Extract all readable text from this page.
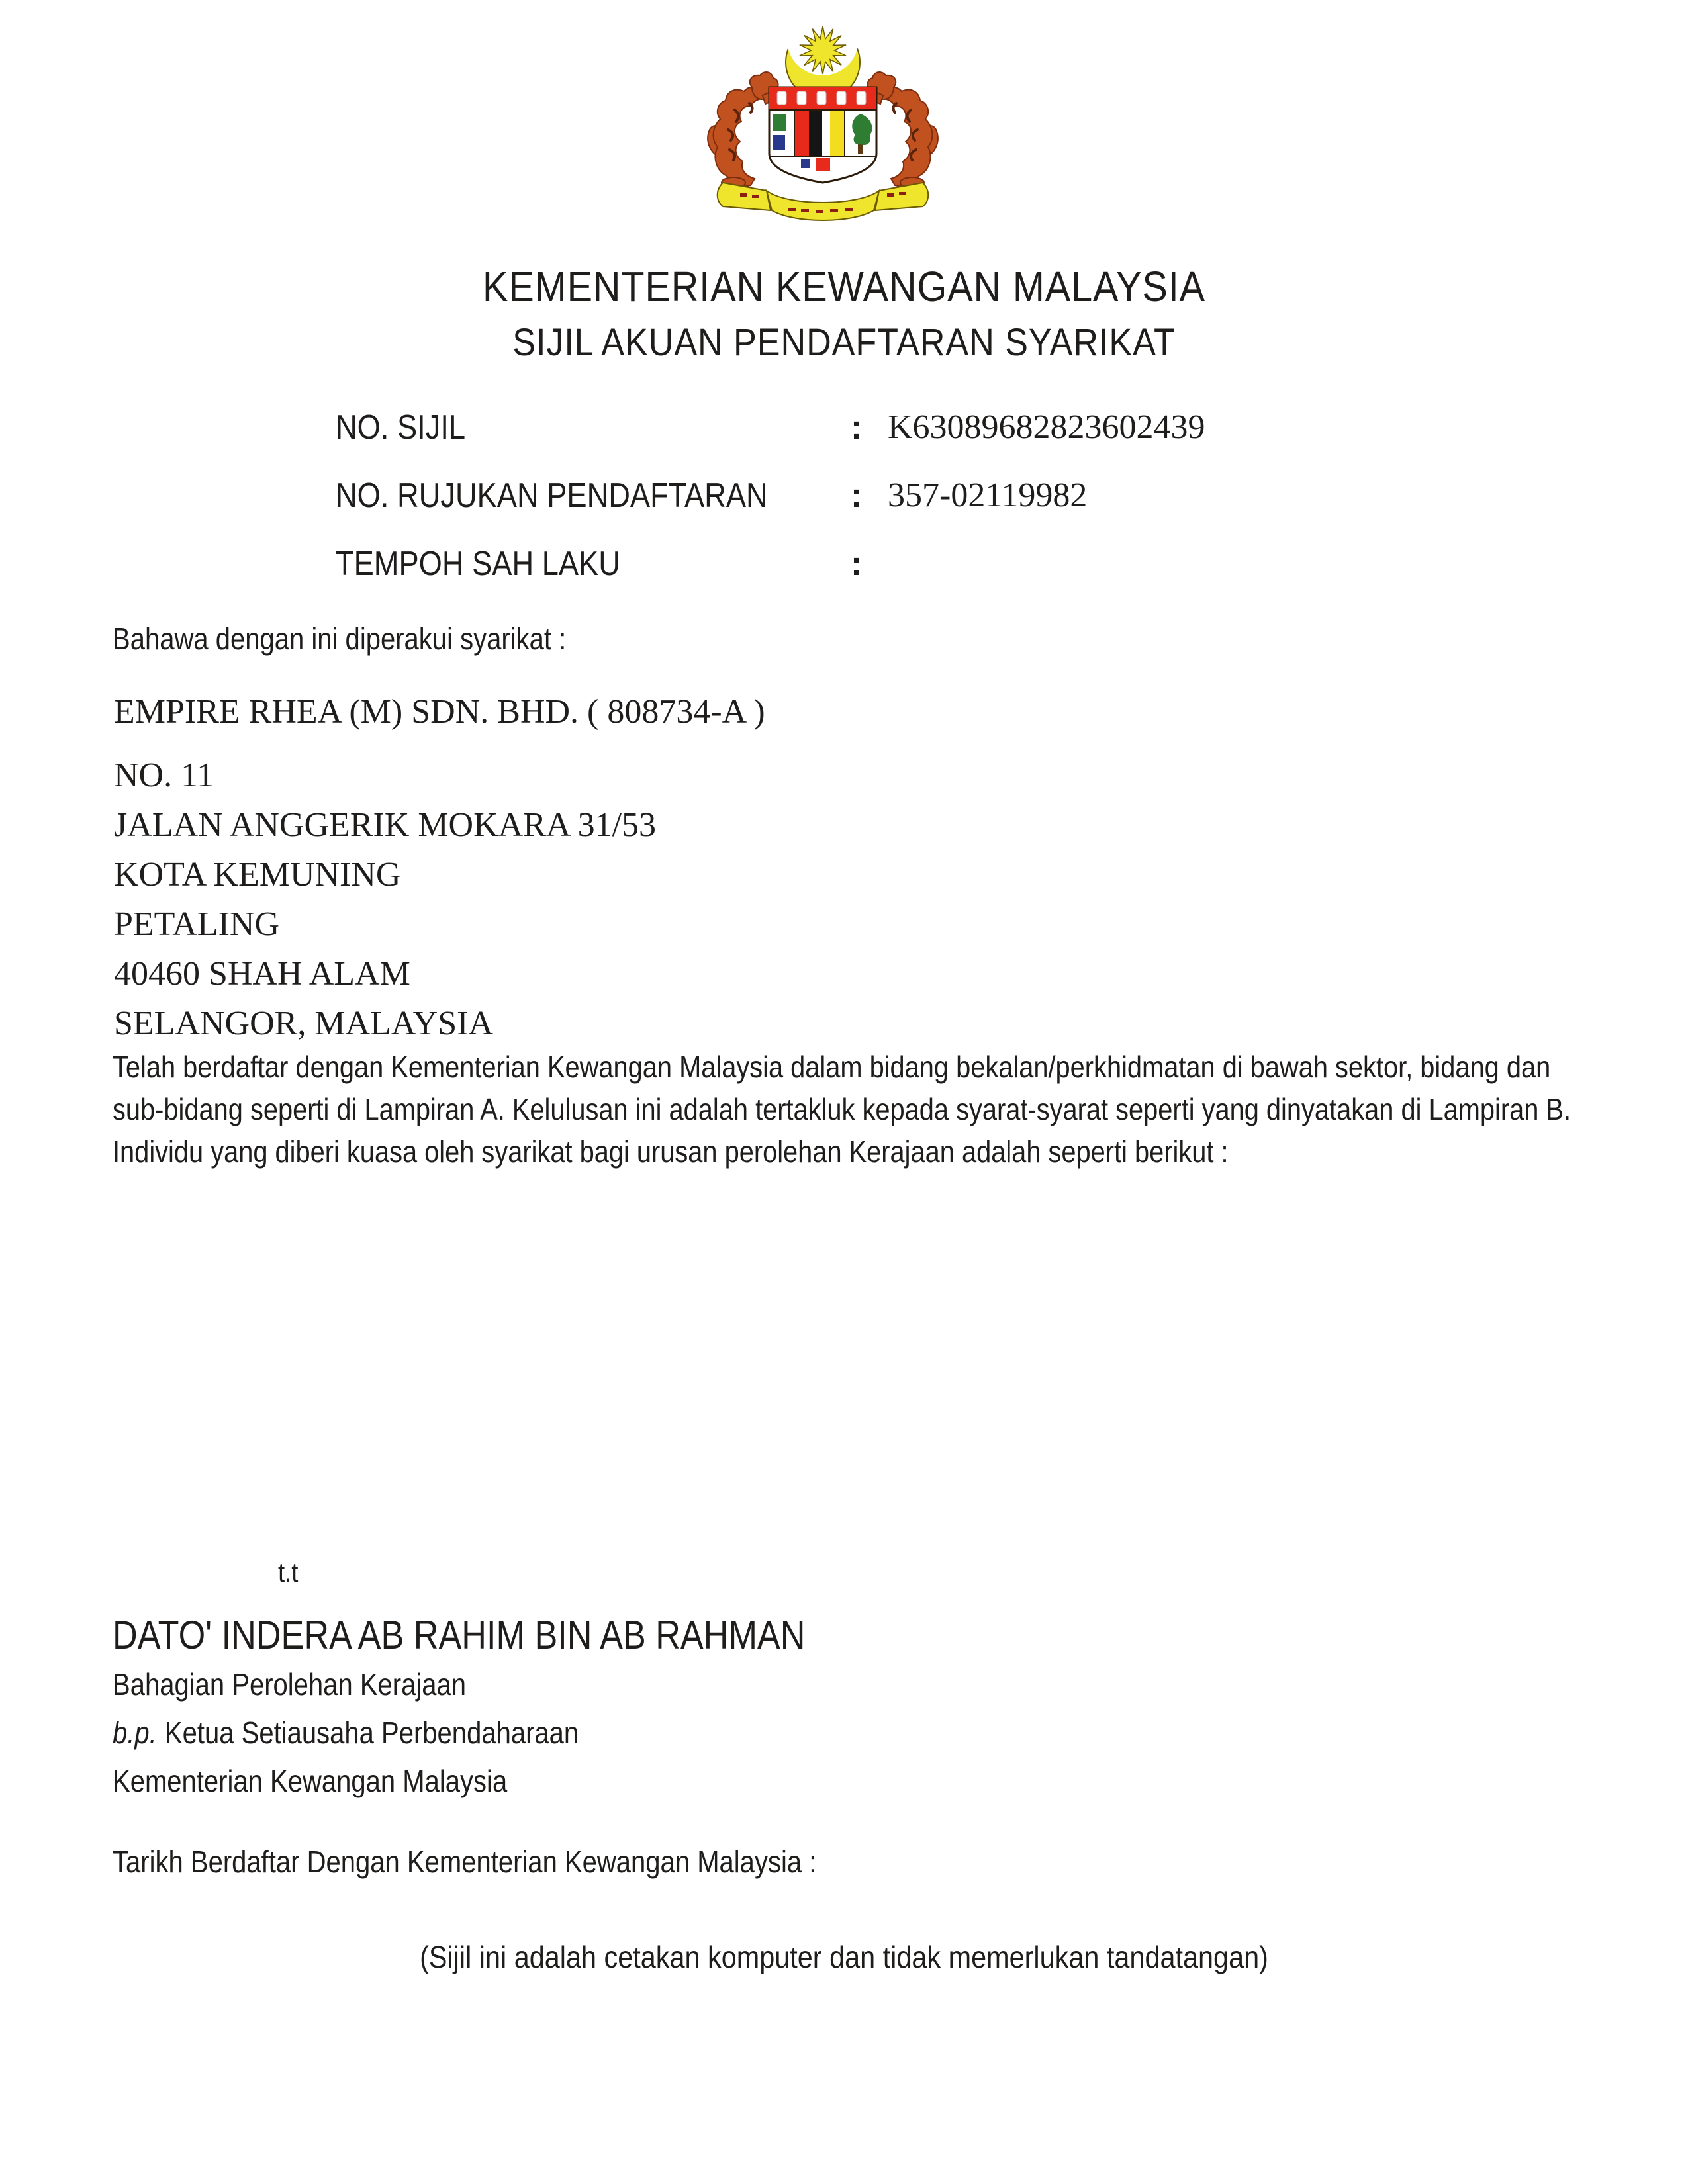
KEMENTERIAN KEWANGAN MALAYSIA
SIJIL AKUAN PENDAFTARAN SYARIKAT
NO. SIJIL	: K63089682823602439
NO. RUJUKAN PENDAFTARAN	: 357-02119982
TEMPOH SAH LAKU	:
Bahawa dengan ini diperakui syarikat :
EMPIRE RHEA (M) SDN. BHD. ( 808734-A )
NO. 11
JALAN ANGGERIK MOKARA 31/53
KOTA KEMUNING
PETALING
40460 SHAH ALAM
SELANGOR, MALAYSIA
Telah berdaftar dengan Kementerian Kewangan Malaysia dalam bidang bekalan/perkhidmatan di bawah sektor, bidang dan sub-bidang seperti di Lampiran A. Kelulusan ini adalah tertakluk kepada syarat-syarat seperti yang dinyatakan di Lampiran B. Individu yang diberi kuasa oleh syarikat bagi urusan perolehan Kerajaan adalah seperti berikut :
t.t
DATO' INDERA AB RAHIM BIN AB RAHMAN
Bahagian Perolehan Kerajaan
b.p. Ketua Setiausaha Perbendaharaan
Kementerian Kewangan Malaysia
Tarikh Berdaftar Dengan Kementerian Kewangan Malaysia :
(Sijil ini adalah cetakan komputer dan tidak memerlukan tandatangan)
